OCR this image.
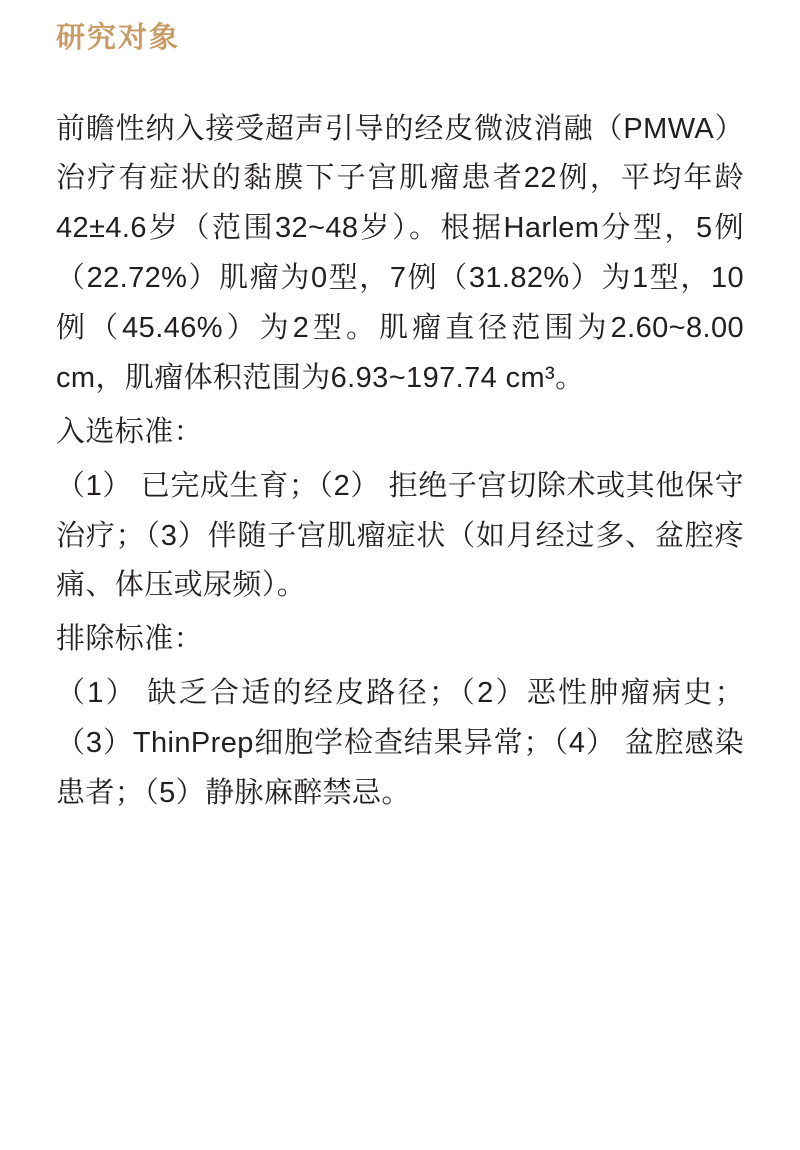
研究对象

前瞻性纳入接受超声引导的经皮微波消融（PMWA）治疗有症状的黏膜下子宫肌瘤患者22例，平均年龄42±4.6岁（范围32~48岁）。根据Harlem分型，5例（22.72%）肌瘤为0型，7例（31.82%）为1型，10例（45.46%）为2型。肌瘤直径范围为2.60~8.00 cm，肌瘤体积范围为6.93~197.74 cm³。

入选标准：

（1） 已完成生育；（2） 拒绝子宫切除术或其他保守治疗；（3）伴随子宫肌瘤症状（如月经过多、盆腔疼痛、体压或尿频）。

排除标准：

（1） 缺乏合适的经皮路径；（2）恶性肿瘤病史；（3）ThinPrep细胞学检查结果异常；（4） 盆腔感染患者；（5）静脉麻醉禁忌。
